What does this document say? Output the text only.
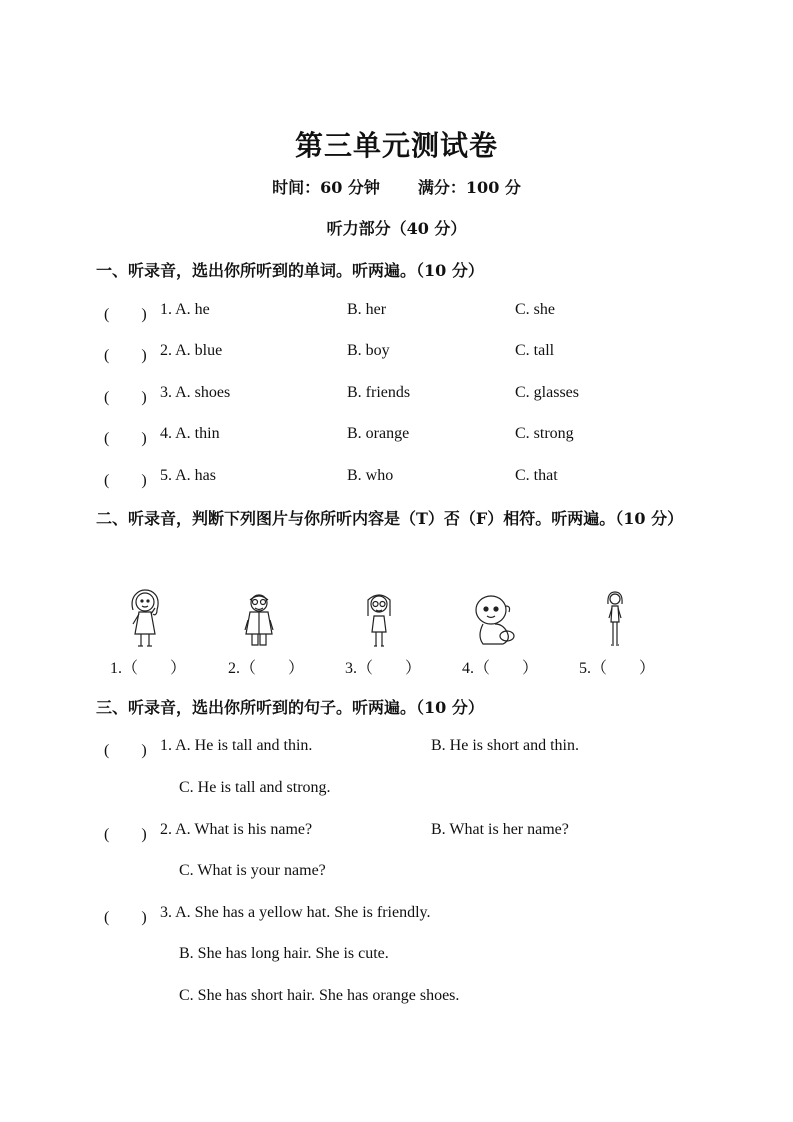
第三单元测试卷
时间：60 分钟 满分：100 分
听力部分（40 分）
一、听录音，选出你所听到的单词。听两遍。（10 分）
(　　) 1. A. he	B. her	C. she
(　　) 2. A. blue	B. boy	C. tall
(　　) 3. A. shoes	B. friends	C. glasses
(　　) 4. A. thin	B. orange	C. strong
(　　) 5. A. has	B. who	C. that
二、听录音，判断下列图片与你所听内容是（T）否（F）相符。听两遍。（10 分）
1.（　　）	2.（　　）	3.（　　）	4.（　　）	5.（　　）
三、听录音，选出你所听到的句子。听两遍。（10 分）
(　　) 1. A. He is tall and thin.	B. He is short and thin.
C. He is tall and strong.
(　　) 2. A. What is his name?	B. What is her name?
C. What is your name?
(　　) 3. A. She has a yellow hat. She is friendly.
B. She has long hair. She is cute.
C. She has short hair. She has orange shoes.
